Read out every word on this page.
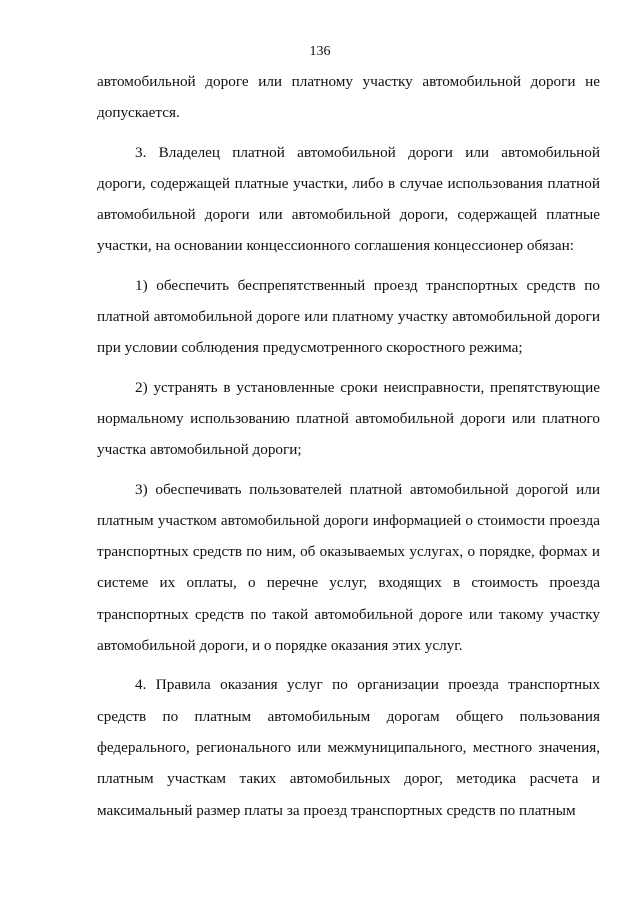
136

автомобильной дороге или платному участку автомобильной дороги не допускается.

3. Владелец платной автомобильной дороги или автомобильной дороги, содержащей платные участки, либо в случае использования платной автомобильной дороги или автомобильной дороги, содержащей платные участки, на основании концессионного соглашения концессионер обязан:

1) обеспечить беспрепятственный проезд транспортных средств по платной автомобильной дороге или платному участку автомобильной дороги при условии соблюдения предусмотренного скоростного режима;

2) устранять в установленные сроки неисправности, препятствующие нормальному использованию платной автомобильной дороги или платного участка автомобильной дороги;

3) обеспечивать пользователей платной автомобильной дорогой или платным участком автомобильной дороги информацией о стоимости проезда транспортных средств по ним, об оказываемых услугах, о порядке, формах и системе их оплаты, о перечне услуг, входящих в стоимость проезда транспортных средств по такой автомобильной дороге или такому участку автомобильной дороги, и о порядке оказания этих услуг.

4. Правила оказания услуг по организации проезда транспортных средств по платным автомобильным дорогам общего пользования федерального, регионального или межмуниципального, местного значения, платным участкам таких автомобильных дорог, методика расчета и максимальный размер платы за проезд транспортных средств по платным
